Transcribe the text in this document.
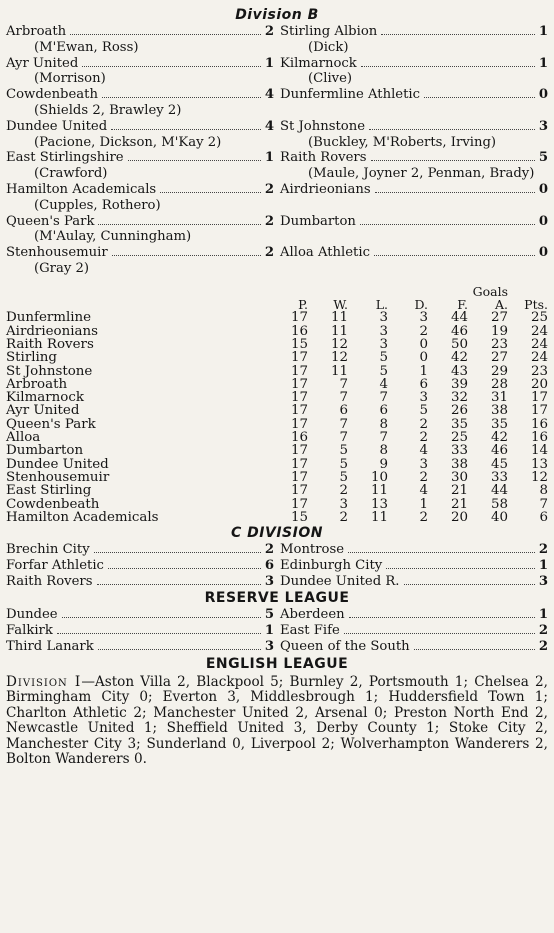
Division B
Arbroath	2
(M'Ewan, Ross)
Stirling Albion	1
(Dick)
Ayr United	1
(Morrison)
Kilmarnock	1
(Clive)
Cowdenbeath	4
(Shields 2, Brawley 2)
Dunfermline Athletic	0
Dundee United	4
(Pacione, Dickson, M'Kay 2)
St Johnstone	3
(Buckley, M'Roberts, Irving)
East Stirlingshire	1
(Crawford)
Raith Rovers	5
(Maule, Joyner 2, Penman, Brady)
Hamilton Academicals	2
(Cupples, Rothero)
Airdrieonians	0
Queen's Park	2
(M'Aulay, Cunningham)
Dumbarton	0
Stenhousemuir	2
(Gray 2)
Alloa Athletic	0
					Goals		
	P.	W.	L.	D.	F.	A.	Pts.
Dunfermline	17	11	3	3	44	27	25
Airdrieonians	16	11	3	2	46	19	24
Raith Rovers	15	12	3	0	50	23	24
Stirling	17	12	5	0	42	27	24
St Johnstone	17	11	5	1	43	29	23
Arbroath	17	7	4	6	39	28	20
Kilmarnock	17	7	7	3	32	31	17
Ayr United	17	6	6	5	26	38	17
Queen's Park	17	7	8	2	35	35	16
Alloa	16	7	7	2	25	42	16
Dumbarton	17	5	8	4	33	46	14
Dundee United	17	5	9	3	38	45	13
Stenhousemuir	17	5	10	2	30	33	12
East Stirling	17	2	11	4	21	44	8
Cowdenbeath	17	3	13	1	21	58	7
Hamilton Academicals	15	2	11	2	20	40	6
C DIVISION
Brechin City	2 Montrose	2
Forfar Athletic	6 Edinburgh City	1
Raith Rovers	3 Dundee United R.	3
RESERVE LEAGUE
Dundee	5 Aberdeen	1
Falkirk	1 East Fife	2
Third Lanark	3 Queen of the South	2
ENGLISH LEAGUE

Division I—Aston Villa 2, Blackpool 5; Burnley 2, Portsmouth 1; Chelsea 2, Birmingham City 0; Everton 3, Middlesbrough 1; Huddersfield Town 1; Charlton Athletic 2; Manchester United 2, Arsenal 0; Preston North End 2, Newcastle United 1; Sheffield United 3, Derby County 1; Stoke City 2, Manchester City 3; Sunderland 0, Liverpool 2; Wolverhampton Wanderers 2, Bolton Wanderers 0.
